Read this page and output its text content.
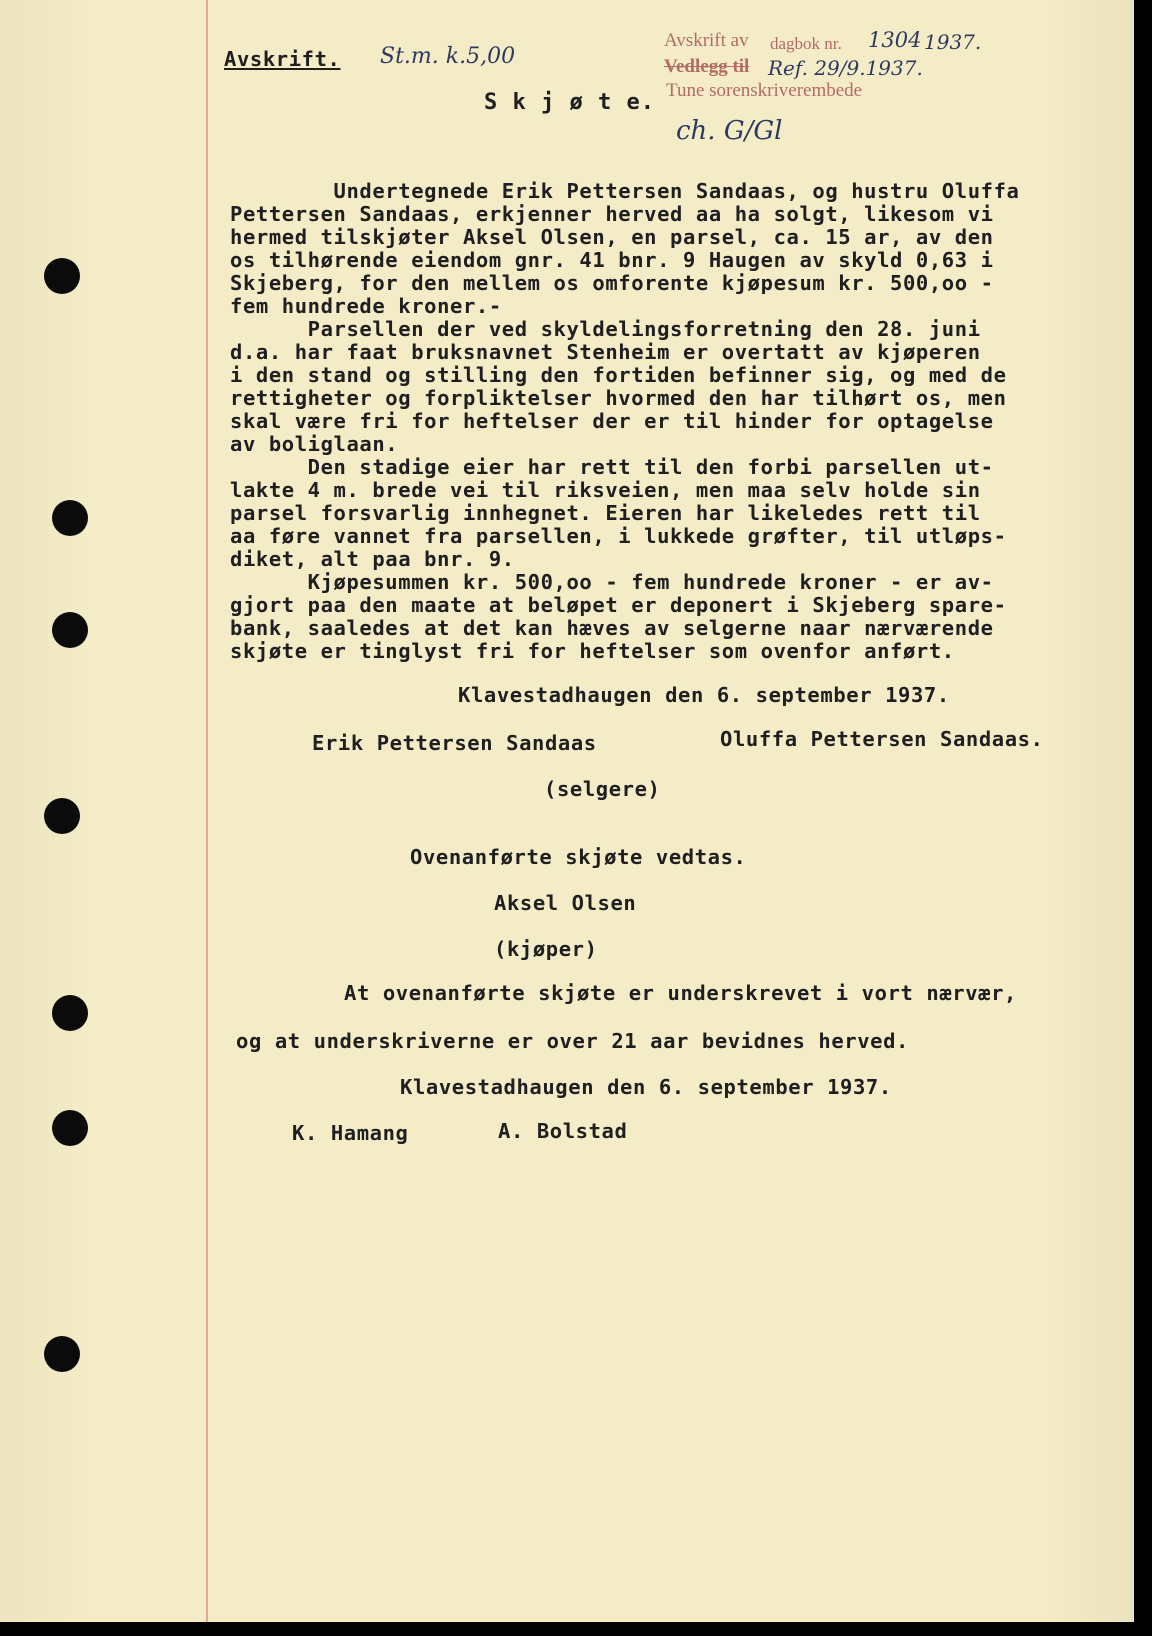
Avskrift. St.m. k.5,00
S k j ø t e.
Avskrift av dagbok nr.
Vedlegg til
Tune sorenskriverembede
1304 1937.
Ref. 29/9.1937.
ch. G/Gl
Undertegnede Erik Pettersen Sandaas, og hustru Oluffa
Pettersen Sandaas, erkjenner herved aa ha solgt, likesom vi
hermed tilskjøter Aksel Olsen, en parsel, ca. 15 ar, av den
os tilhørende eiendom gnr. 41 bnr. 9 Haugen av skyld 0,63 i
Skjeberg, for den mellem os omforente kjøpesum kr. 500,oo -
fem hundrede kroner.-
Parsellen der ved skyldelingsforretning den 28. juni
d.a. har faat bruksnavnet Stenheim er overtatt av kjøperen
i den stand og stilling den fortiden befinner sig, og med de
rettigheter og forpliktelser hvormed den har tilhørt os, men
skal være fri for heftelser der er til hinder for optagelse
av boliglaan.
Den stadige eier har rett til den forbi parsellen ut-
lakte 4 m. brede vei til riksveien, men maa selv holde sin
parsel forsvarlig innhegnet. Eieren har likeledes rett til
aa føre vannet fra parsellen, i lukkede grøfter, til utløps-
diket, alt paa bnr. 9.
Kjøpesummen kr. 500,oo - fem hundrede kroner - er av-
gjort paa den maate at beløpet er deponert i Skjeberg spare-
bank, saaledes at det kan hæves av selgerne naar nærværende
skjøte er tinglyst fri for heftelser som ovenfor anført.
Klavestadhaugen den 6. september 1937.
Erik Pettersen Sandaas	Oluffa Pettersen Sandaas.
(selgere)
Ovenanførte skjøte vedtas.
Aksel Olsen
(kjøper)
At ovenanførte skjøte er underskrevet i vort nærvær,
og at underskriverne er over 21 aar bevidnes herved.
Klavestadhaugen den 6. september 1937.
K. Hamang	A. Bolstad
